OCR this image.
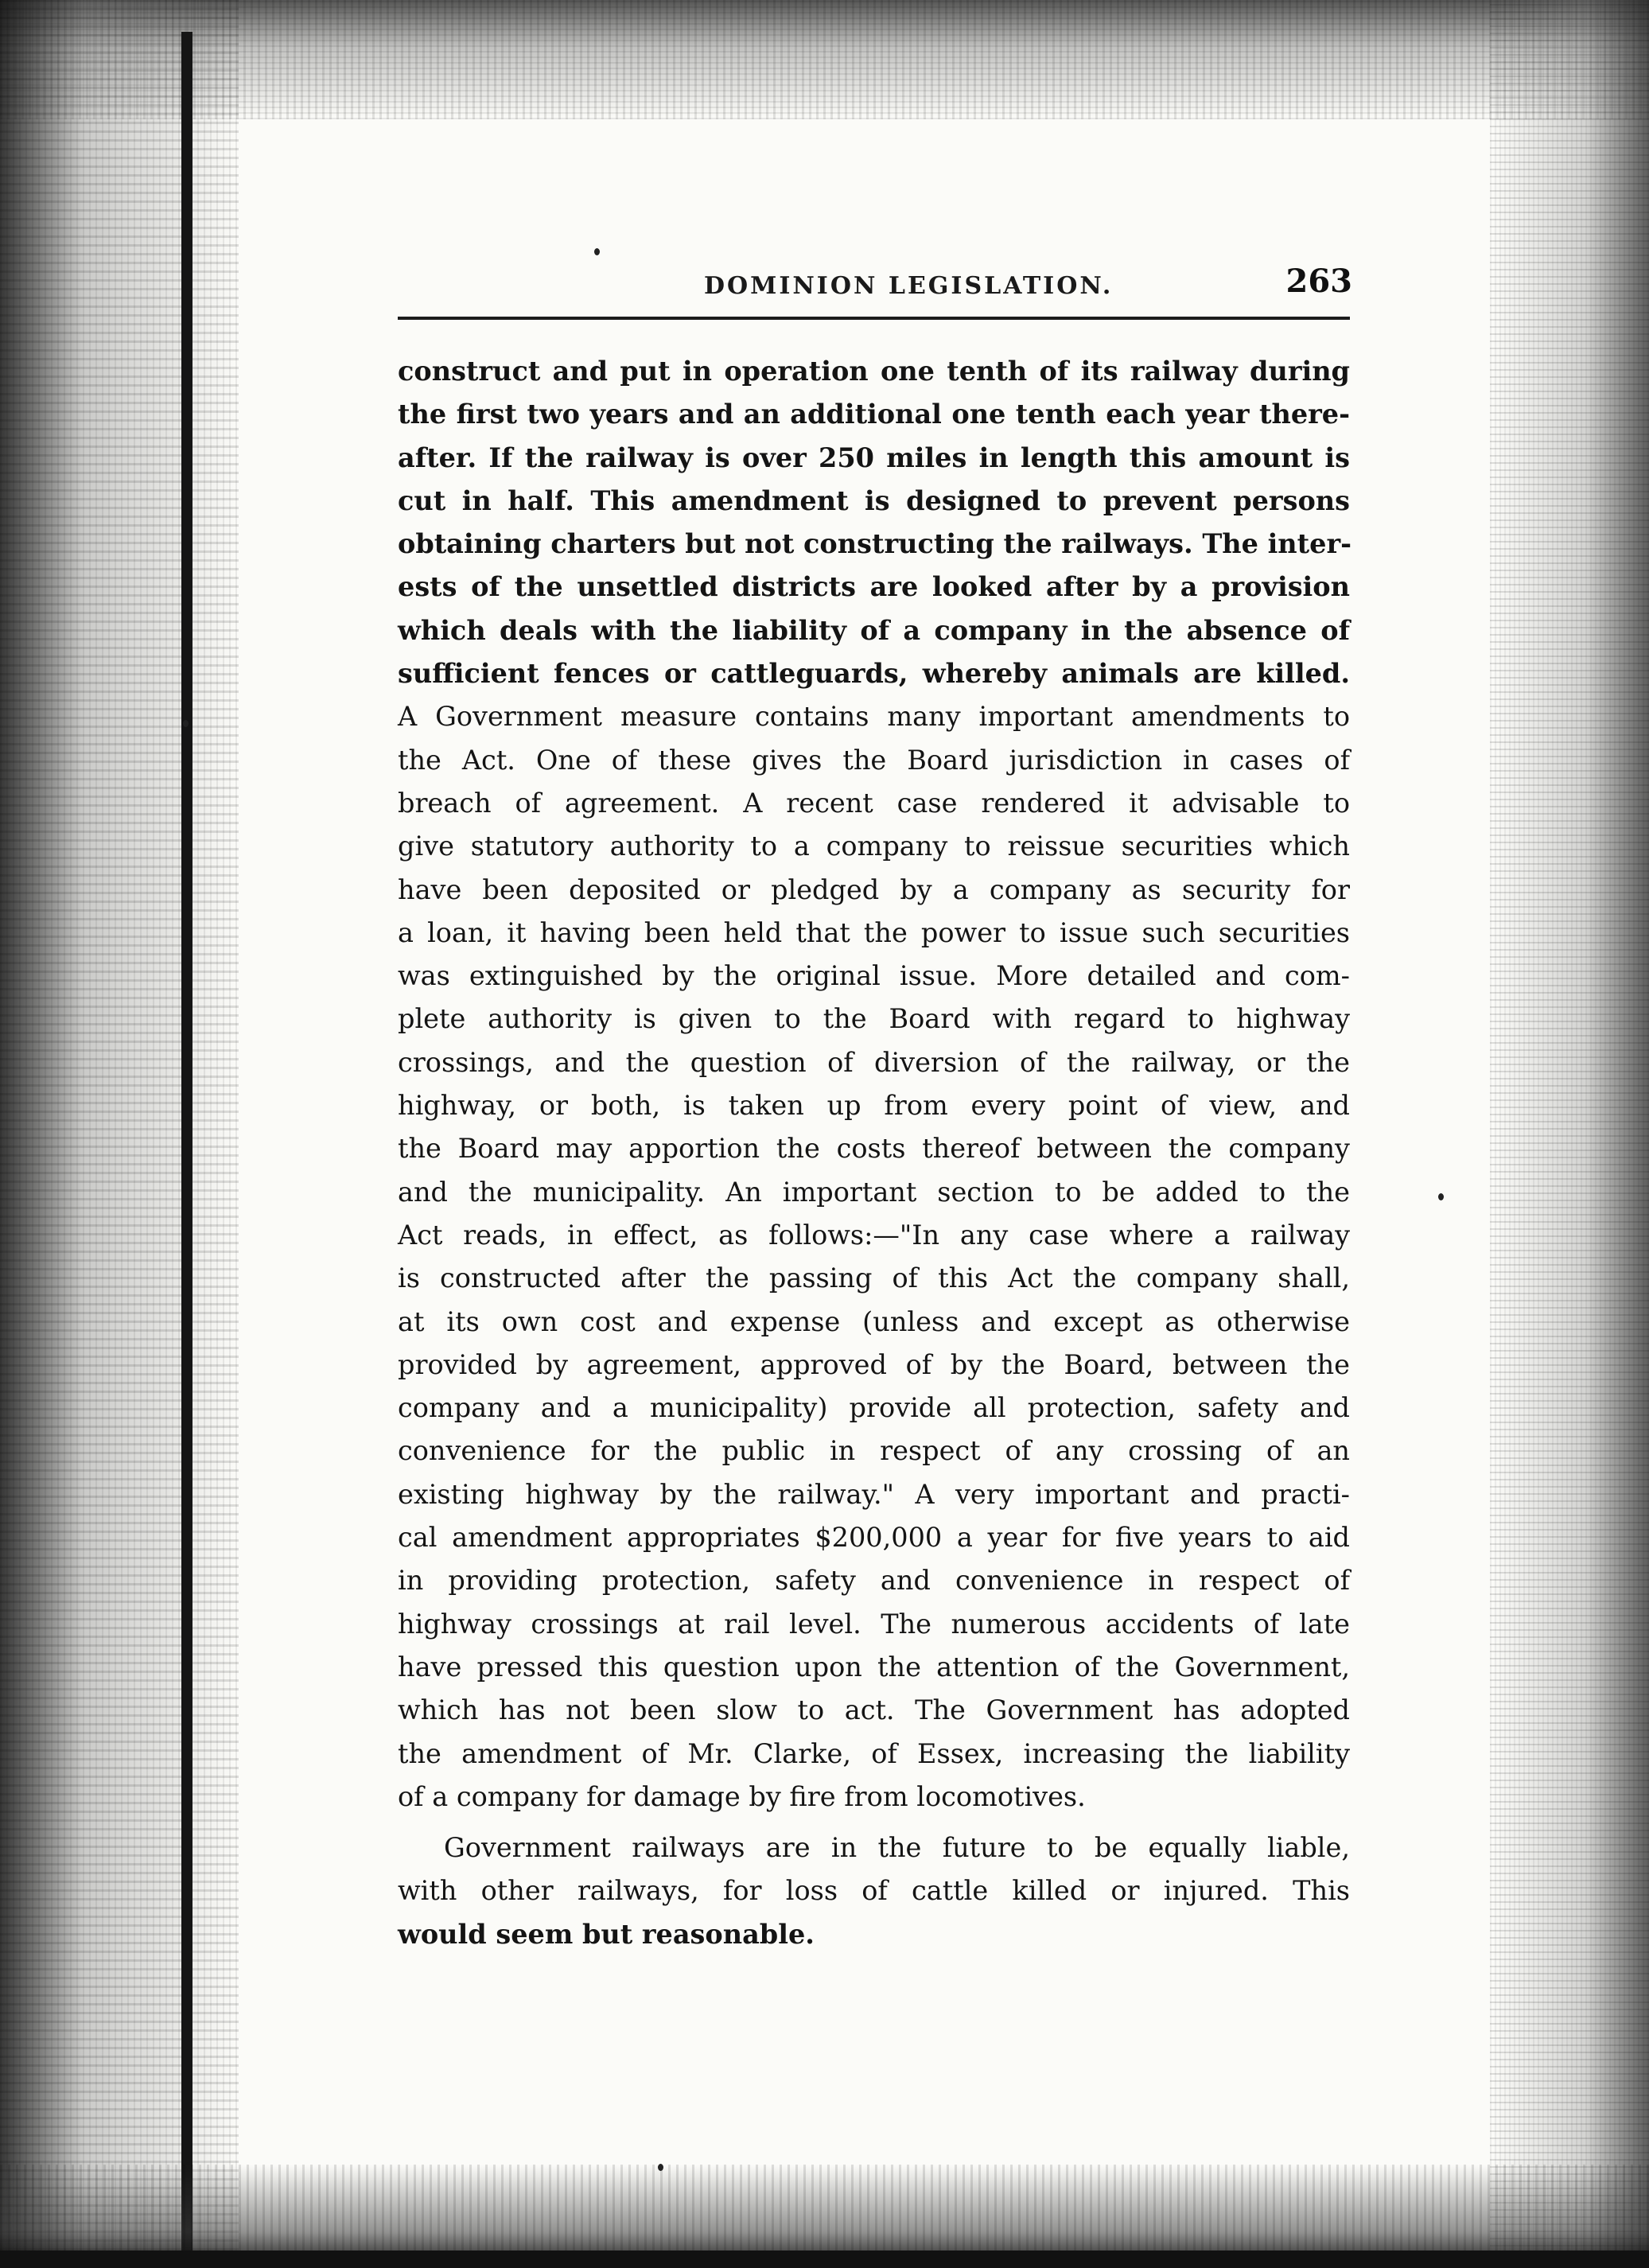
DOMINION LEGISLATION.	263
construct and put in operation one tenth of its railway during
the first two years and an additional one tenth each year there-
after. If the railway is over 250 miles in length this amount is
cut in half. This amendment is designed to prevent persons
obtaining charters but not constructing the railways. The inter-
ests of the unsettled districts are looked after by a provision
which deals with the liability of a company in the absence of
sufficient fences or cattleguards, whereby animals are killed.
A Government measure contains many important amendments to
the Act. One of these gives the Board jurisdiction in cases of
breach of agreement. A recent case rendered it advisable to
give statutory authority to a company to reissue securities which
have been deposited or pledged by a company as security for
a loan, it having been held that the power to issue such securities
was extinguished by the original issue. More detailed and com-
plete authority is given to the Board with regard to highway
crossings, and the question of diversion of the railway, or the
highway, or both, is taken up from every point of view, and
the Board may apportion the costs thereof between the company
and the municipality. An important section to be added to the
Act reads, in effect, as follows:—"In any case where a railway
is constructed after the passing of this Act the company shall,
at its own cost and expense (unless and except as otherwise
provided by agreement, approved of by the Board, between the
company and a municipality) provide all protection, safety and
convenience for the public in respect of any crossing of an
existing highway by the railway." A very important and practi-
cal amendment appropriates $200,000 a year for five years to aid
in providing protection, safety and convenience in respect of
highway crossings at rail level. The numerous accidents of late
have pressed this question upon the attention of the Government,
which has not been slow to act. The Government has adopted
the amendment of Mr. Clarke, of Essex, increasing the liability
of a company for damage by fire from locomotives.
Government railways are in the future to be equally liable,
with other railways, for loss of cattle killed or injured. This
would seem but reasonable.
